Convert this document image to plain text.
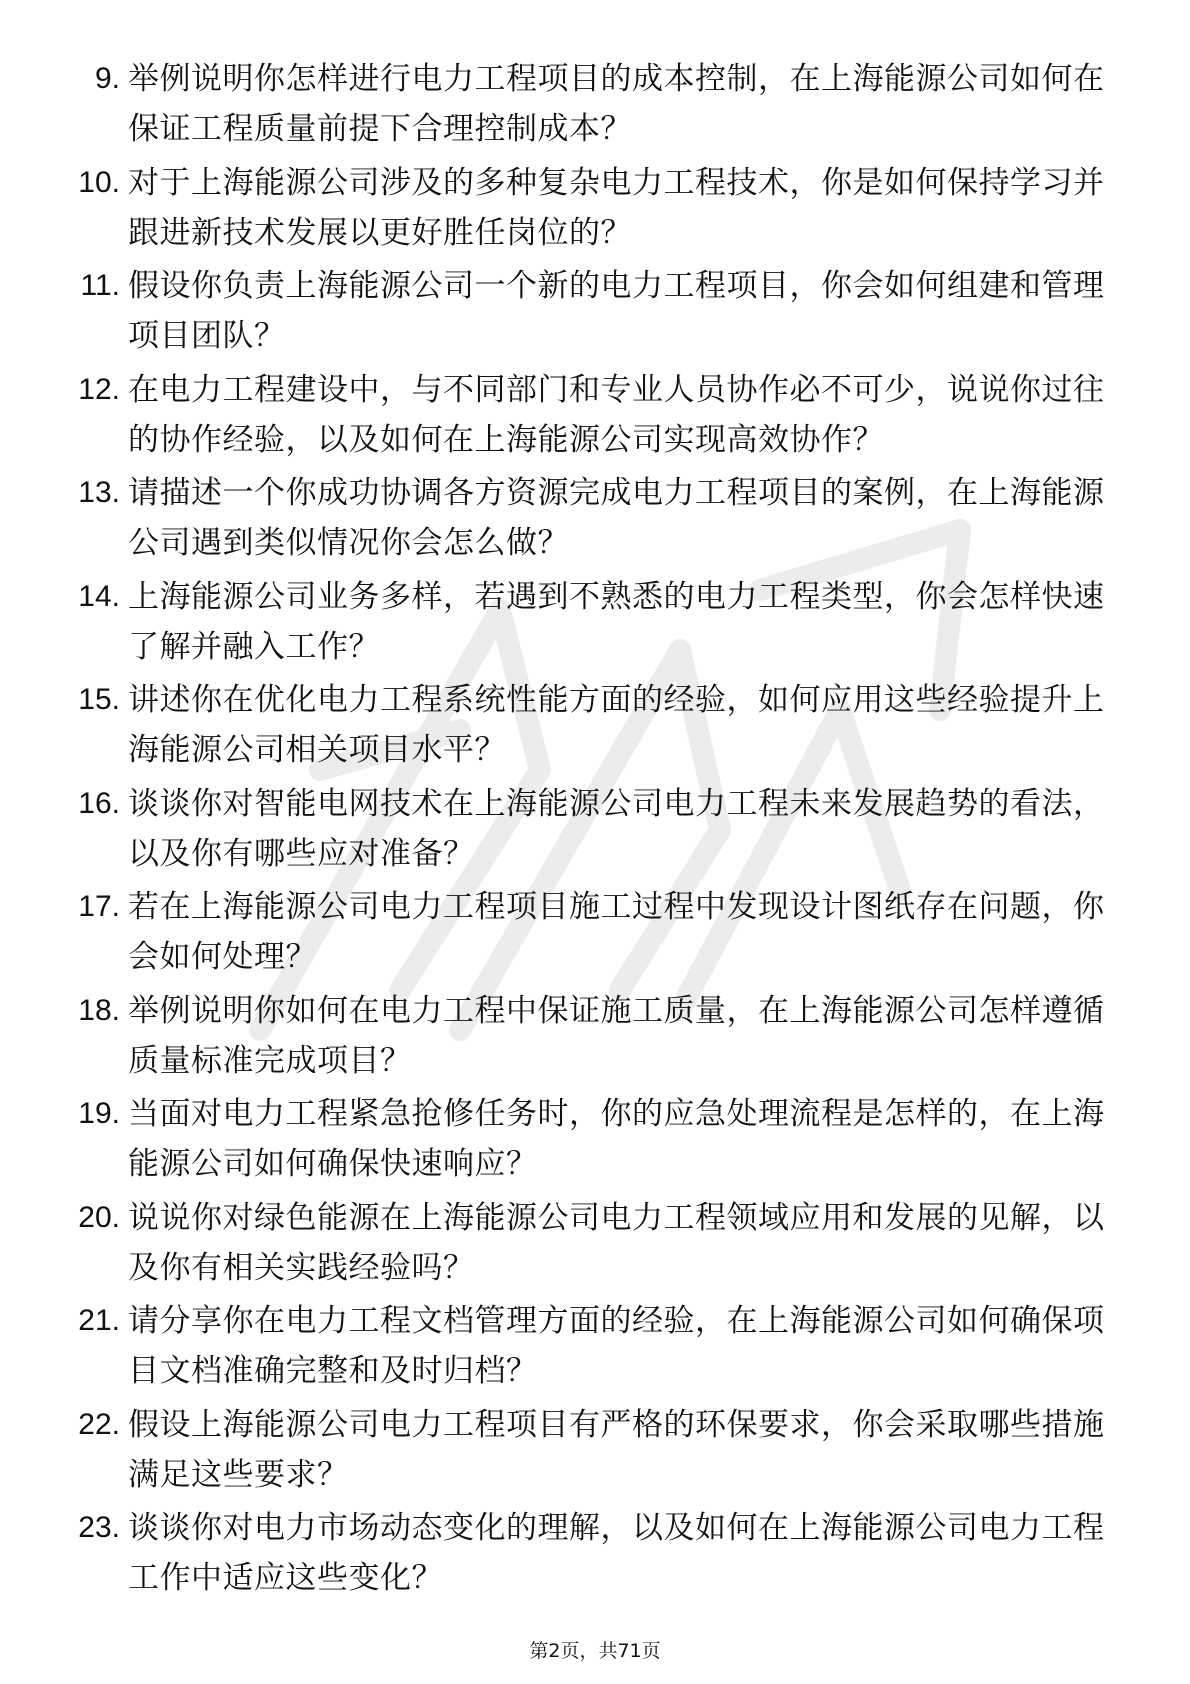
9. 举例说明你怎样进行电力工程项目的成本控制，在上海能源公司如何在保证工程质量前提下合理控制成本？
10. 对于上海能源公司涉及的多种复杂电力工程技术，你是如何保持学习并跟进新技术发展以更好胜任岗位的？
11. 假设你负责上海能源公司一个新的电力工程项目，你会如何组建和管理项目团队？
12. 在电力工程建设中，与不同部门和专业人员协作必不可少，说说你过往的协作经验，以及如何在上海能源公司实现高效协作？
13. 请描述一个你成功协调各方资源完成电力工程项目的案例，在上海能源公司遇到类似情况你会怎么做？
14. 上海能源公司业务多样，若遇到不熟悉的电力工程类型，你会怎样快速了解并融入工作？
15. 讲述你在优化电力工程系统性能方面的经验，如何应用这些经验提升上海能源公司相关项目水平？
16. 谈谈你对智能电网技术在上海能源公司电力工程未来发展趋势的看法，以及你有哪些应对准备？
17. 若在上海能源公司电力工程项目施工过程中发现设计图纸存在问题，你会如何处理？
18. 举例说明你如何在电力工程中保证施工质量，在上海能源公司怎样遵循质量标准完成项目？
19. 当面对电力工程紧急抢修任务时，你的应急处理流程是怎样的，在上海能源公司如何确保快速响应？
20. 说说你对绿色能源在上海能源公司电力工程领域应用和发展的见解，以及你有相关实践经验吗？
21. 请分享你在电力工程文档管理方面的经验，在上海能源公司如何确保项目文档准确完整和及时归档？
22. 假设上海能源公司电力工程项目有严格的环保要求，你会采取哪些措施满足这些要求？
23. 谈谈你对电力市场动态变化的理解，以及如何在上海能源公司电力工程工作中适应这些变化？
第2页，共71页
